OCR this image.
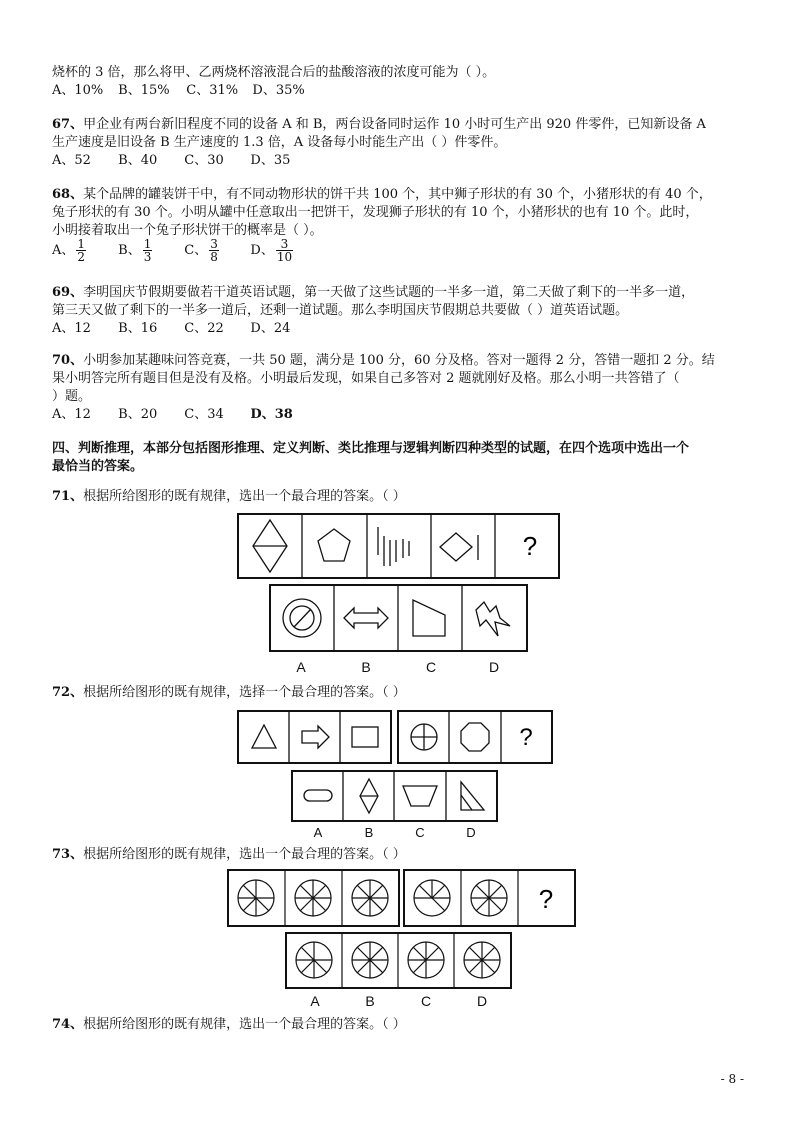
烧杯的 3 倍，那么将甲、乙两烧杯溶液混合后的盐酸溶液的浓度可能为（ ）。
A、10% B、15% C、31% D、35%
67、甲企业有两台新旧程度不同的设备 A 和 B，两台设备同时运作 10 小时可生产出 920 件零件，已知新设备 A
生产速度是旧设备 B 生产速度的 1.3 倍，A 设备每小时能生产出（ ）件零件。
A、52 B、40 C、30 D、35
68、某个品牌的罐装饼干中，有不同动物形状的饼干共 100 个，其中狮子形状的有 30 个，小猪形状的有 40 个，
兔子形状的有 30 个。小明从罐中任意取出一把饼干，发现狮子形状的有 10 个，小猪形状的也有 10 个。此时，
小明接着取出一个兔子形状饼干的概率是（ ）。
A、 $\frac{1}{2}$ B、 $\frac{1}{3}$ C、 $\frac{3}{8}$ D、 $\frac{3}{10}$
69、李明国庆节假期要做若干道英语试题，第一天做了这些试题的一半多一道，第二天做了剩下的一半多一道，
第三天又做了剩下的一半多一道后，还剩一道试题。那么李明国庆节假期总共要做（ ）道英语试题。
A、12 B、16 C、22 D、24
70、小明参加某趣味问答竞赛，一共 50 题，满分是 100 分，60 分及格。答对一题得 2 分，答错一题扣 2 分。结
果小明答完所有题目但是没有及格。小明最后发现，如果自己多答对 2 题就刚好及格。那么小明一共答错了（
）题。
A、12 B、20 C、34 D、38
四、判断推理，本部分包括图形推理、定义判断、类比推理与逻辑判断四种类型的试题，在四个选项中选出一个
最恰当的答案。
71、根据所给图形的既有规律，选出一个最合理的答案。（ ）
?
A	B	C	D
72、根据所给图形的既有规律，选择一个最合理的答案。（ ）
?
A	B	C	D
73、根据所给图形的既有规律，选出一个最合理的答案。（ ）
?
A	B	C	D
74、根据所给图形的既有规律，选出一个最合理的答案。（ ）
- 8 -
